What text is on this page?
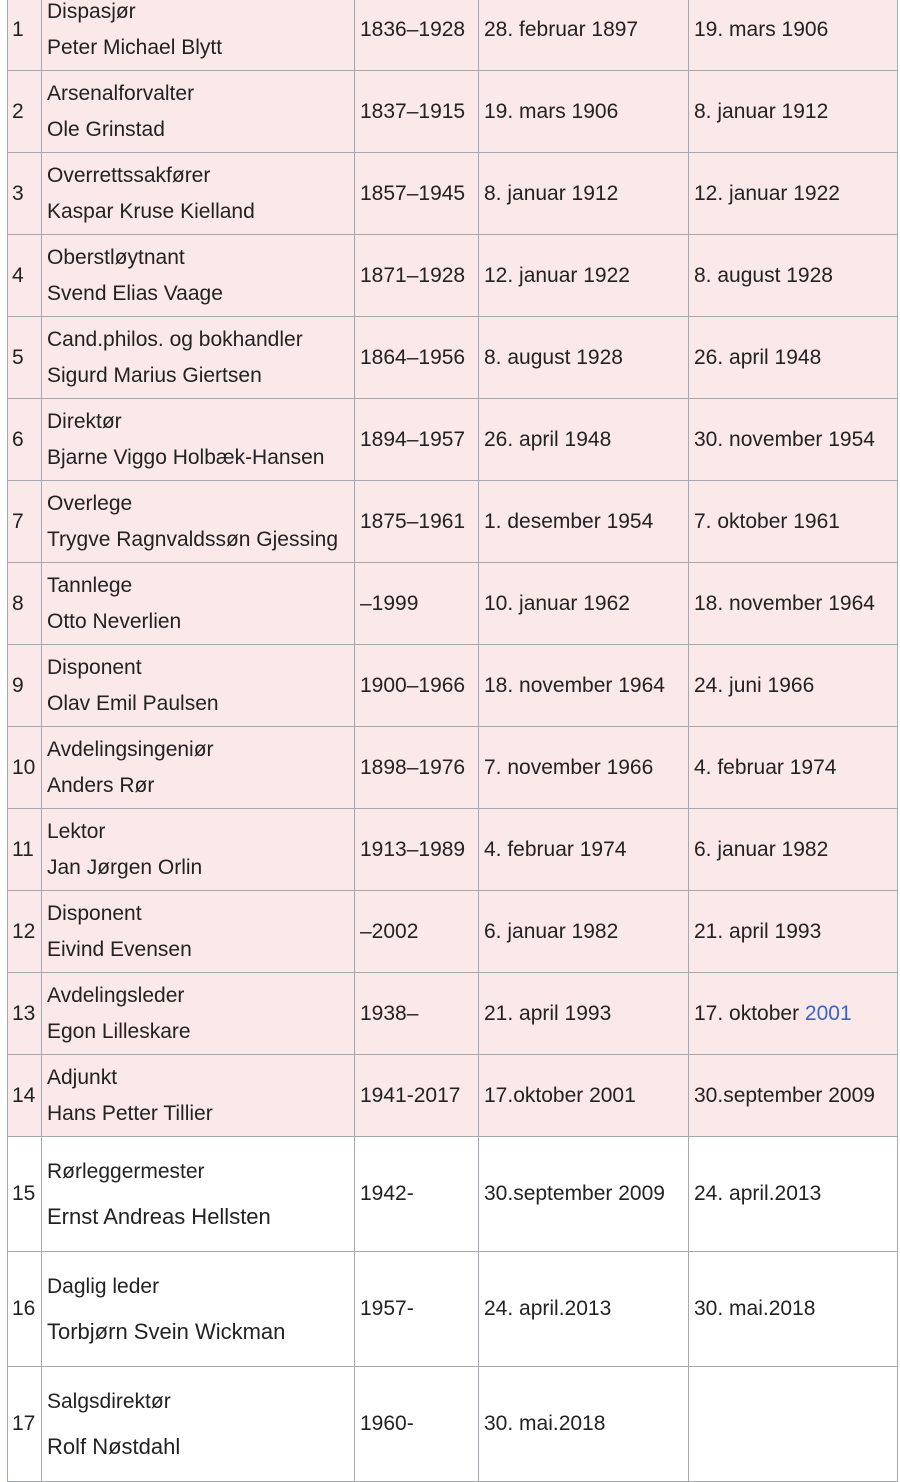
1	Dispasjør
Peter Michael Blytt	1836–1928	28. februar 1897	19. mars 1906
2	Arsenalforvalter
Ole Grinstad	1837–1915	19. mars 1906	8. januar 1912
3	Overrettssakfører
Kaspar Kruse Kielland	1857–1945	8. januar 1912	12. januar 1922
4	Oberstløytnant
Svend Elias Vaage	1871–1928	12. januar 1922	8. august 1928
5	Cand.philos. og bokhandler
Sigurd Marius Giertsen	1864–1956	8. august 1928	26. april 1948
6	Direktør
Bjarne Viggo Holbæk-Hansen	1894–1957	26. april 1948	30. november 1954
7	Overlege
Trygve Ragnvaldssøn Gjessing	1875–1961	1. desember 1954	7. oktober 1961
8	Tannlege
Otto Neverlien	–1999	10. januar 1962	18. november 1964
9	Disponent
Olav Emil Paulsen	1900–1966	18. november 1964	24. juni 1966
10	Avdelingsingeniør
Anders Rør	1898–1976	7. november 1966	4. februar 1974
11	Lektor
Jan Jørgen Orlin	1913–1989	4. februar 1974	6. januar 1982
12	Disponent
Eivind Evensen	–2002	6. januar 1982	21. april 1993
13	Avdelingsleder
Egon Lilleskare	1938–	21. april 1993	17. oktober 2001
14	Adjunkt
Hans Petter Tillier	1941-2017	17.oktober 2001	30.september 2009
15	Rørleggermester
Ernst Andreas Hellsten	1942-	30.september 2009	24. april.2013
16	Daglig leder
Torbjørn Svein Wickman	1957-	24. april.2013	30. mai.2018
17	Salgsdirektør
Rolf Nøstdahl	1960-	30. mai.2018	
